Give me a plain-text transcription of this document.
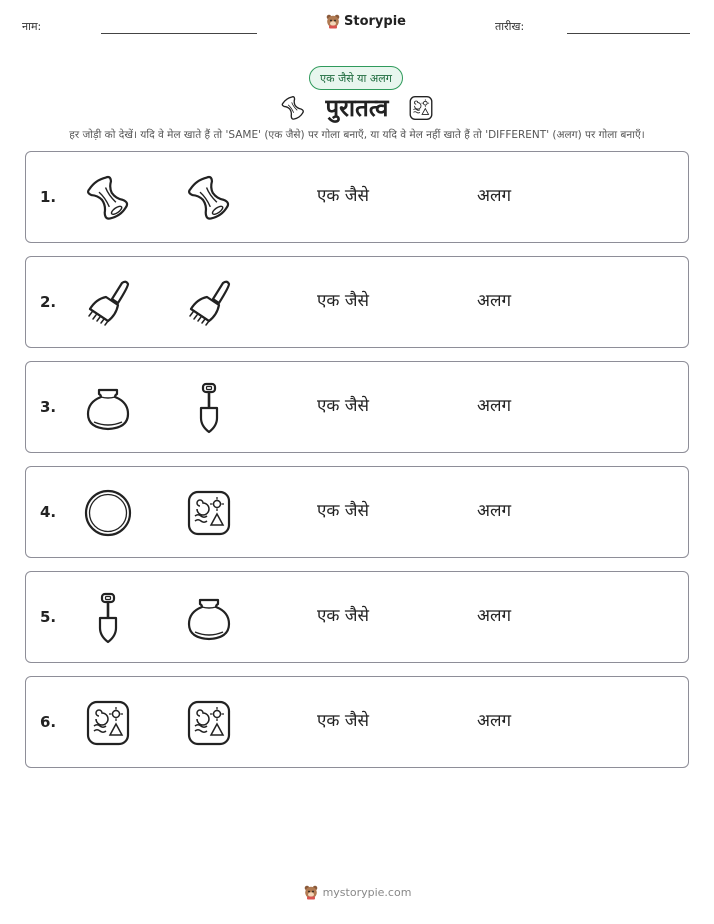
नाम:	Storypie	तारीख:
एक जैसे या अलग
पुरातत्व
हर जोड़ी को देखें। यदि वे मेल खाते हैं तो 'SAME' (एक जैसे) पर गोला बनाएँ, या यदि वे मेल नहीं खाते हैं तो 'DIFFERENT' (अलग) पर गोला बनाएँ।
1.	एक जैसे	अलग
2.	एक जैसे	अलग
3.	एक जैसे	अलग
4.	एक जैसे	अलग
5.	एक जैसे	अलग
6.	एक जैसे	अलग
mystorypie.com
